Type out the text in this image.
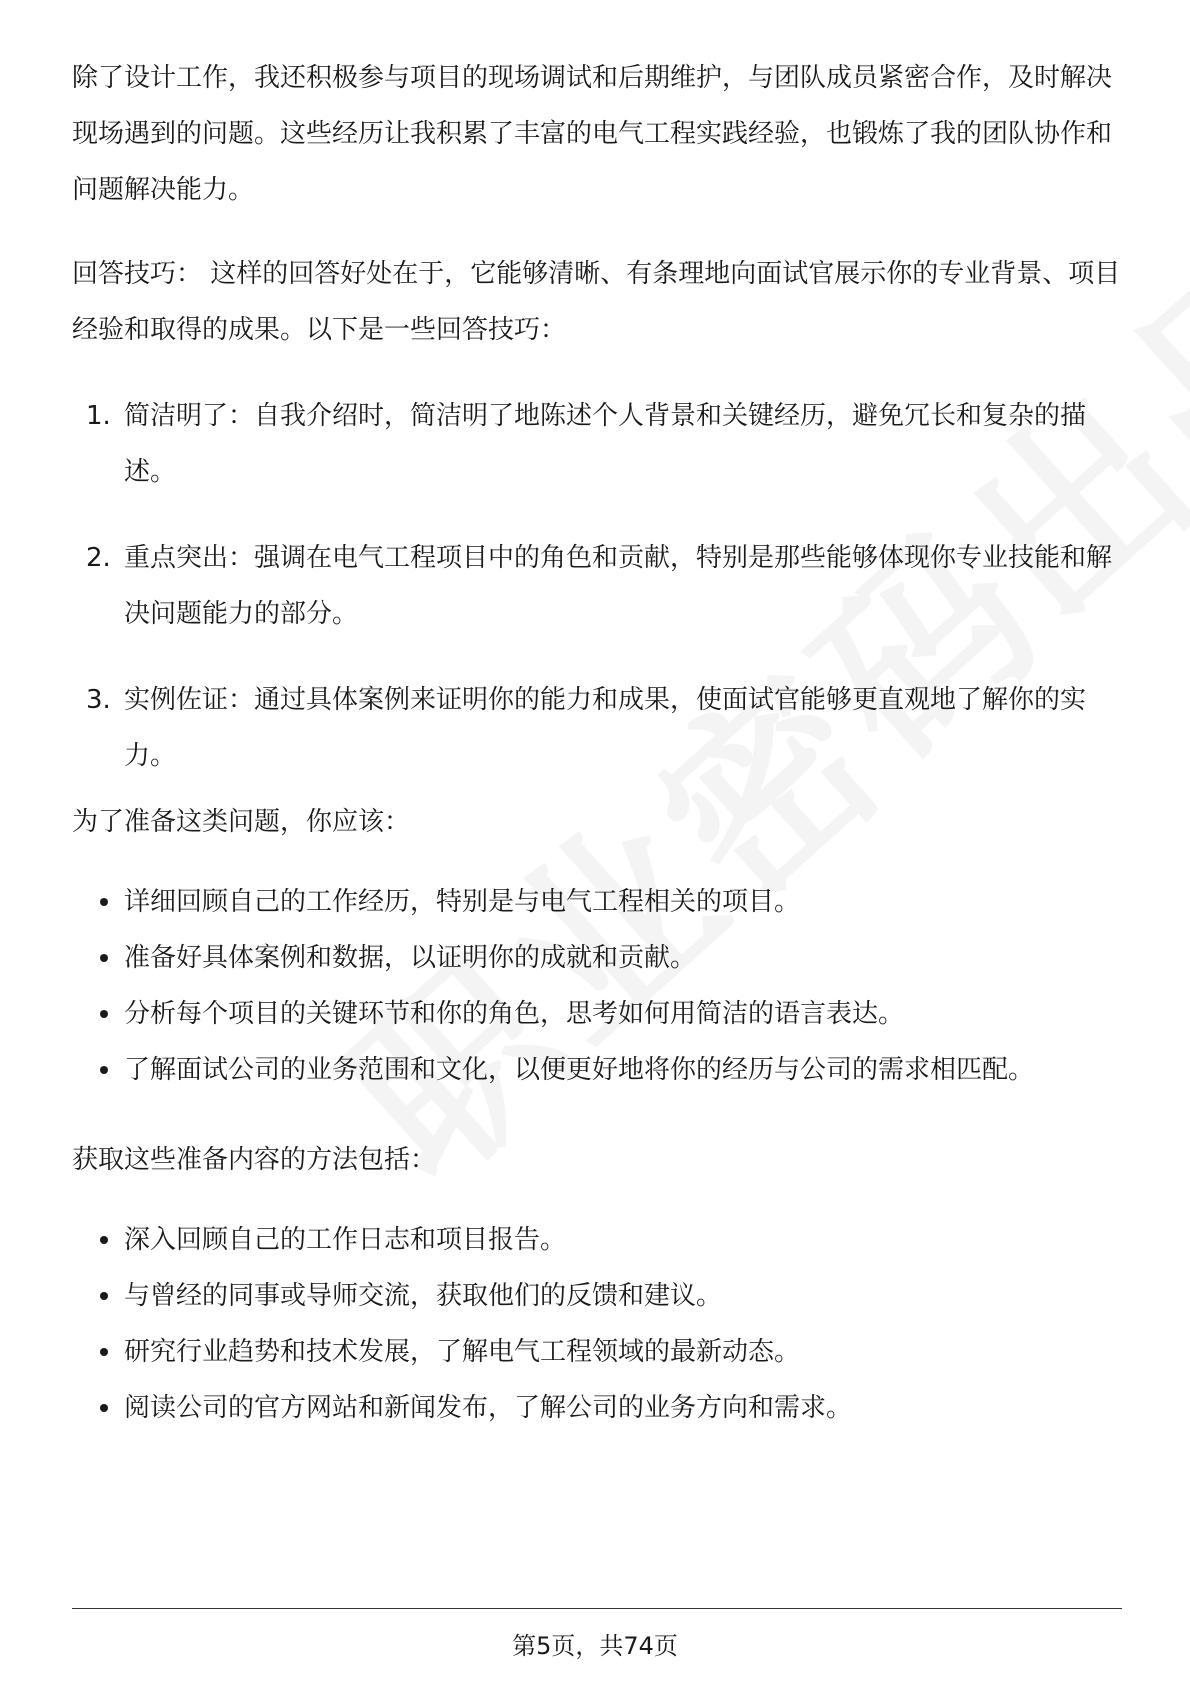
除了设计工作，我还积极参与项目的现场调试和后期维护，与团队成员紧密合作，及时解决现场遇到的问题。这些经历让我积累了丰富的电气工程实践经验，也锻炼了我的团队协作和问题解决能力。

回答技巧： 这样的回答好处在于，它能够清晰、有条理地向面试官展示你的专业背景、项目经验和取得的成果。以下是一些回答技巧：

1. 简洁明了：自我介绍时，简洁明了地陈述个人背景和关键经历，避免冗长和复杂的描述。
2. 重点突出：强调在电气工程项目中的角色和贡献，特别是那些能够体现你专业技能和解决问题能力的部分。
3. 实例佐证：通过具体案例来证明你的能力和成果，使面试官能够更直观地了解你的实力。

为了准备这类问题，你应该：

详细回顾自己的工作经历，特别是与电气工程相关的项目。
准备好具体案例和数据，以证明你的成就和贡献。
分析每个项目的关键环节和你的角色，思考如何用简洁的语言表达。
了解面试公司的业务范围和文化，以便更好地将你的经历与公司的需求相匹配。

获取这些准备内容的方法包括：

深入回顾自己的工作日志和项目报告。
与曾经的同事或导师交流，获取他们的反馈和建议。
研究行业趋势和技术发展，了解电气工程领域的最新动态。
阅读公司的官方网站和新闻发布，了解公司的业务方向和需求。
第5页，共74页
